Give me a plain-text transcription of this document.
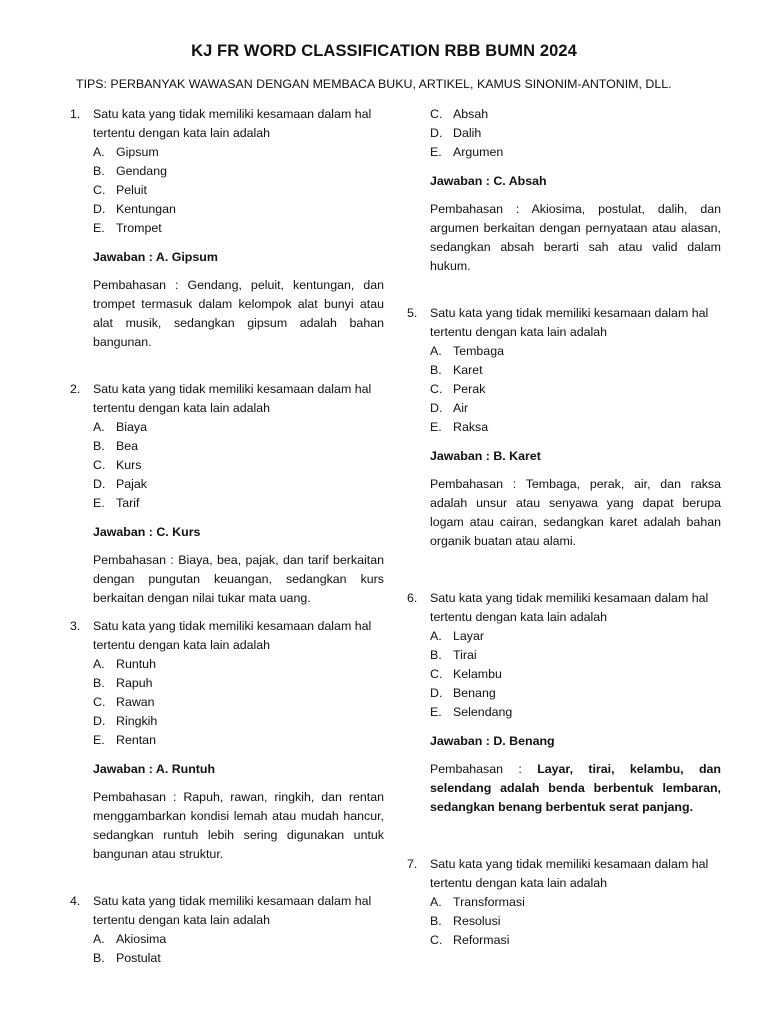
KJ FR WORD CLASSIFICATION RBB BUMN 2024
TIPS: PERBANYAK WAWASAN DENGAN MEMBACA BUKU, ARTIKEL, KAMUS SINONIM-ANTONIM, DLL.
1. Satu kata yang tidak memiliki kesamaan dalam hal tertentu dengan kata lain adalah
A. Gipsum
B. Gendang
C. Peluit
D. Kentungan
E. Trompet
Jawaban : A. Gipsum
Pembahasan : Gendang, peluit, kentungan, dan trompet termasuk dalam kelompok alat bunyi atau alat musik, sedangkan gipsum adalah bahan bangunan.
2. Satu kata yang tidak memiliki kesamaan dalam hal tertentu dengan kata lain adalah
A. Biaya
B. Bea
C. Kurs
D. Pajak
E. Tarif
Jawaban : C. Kurs
Pembahasan : Biaya, bea, pajak, dan tarif berkaitan dengan pungutan keuangan, sedangkan kurs berkaitan dengan nilai tukar mata uang.
3. Satu kata yang tidak memiliki kesamaan dalam hal tertentu dengan kata lain adalah
A. Runtuh
B. Rapuh
C. Rawan
D. Ringkih
E. Rentan
Jawaban : A. Runtuh
Pembahasan : Rapuh, rawan, ringkih, dan rentan menggambarkan kondisi lemah atau mudah hancur, sedangkan runtuh lebih sering digunakan untuk bangunan atau struktur.
4. Satu kata yang tidak memiliki kesamaan dalam hal tertentu dengan kata lain adalah
A. Akiosima
B. Postulat
C. Absah
D. Dalih
E. Argumen
Jawaban : C. Absah
Pembahasan : Akiosima, postulat, dalih, dan argumen berkaitan dengan pernyataan atau alasan, sedangkan absah berarti sah atau valid dalam hukum.
5. Satu kata yang tidak memiliki kesamaan dalam hal tertentu dengan kata lain adalah
A. Tembaga
B. Karet
C. Perak
D. Air
E. Raksa
Jawaban : B. Karet
Pembahasan : Tembaga, perak, air, dan raksa adalah unsur atau senyawa yang dapat berupa logam atau cairan, sedangkan karet adalah bahan organik buatan atau alami.
6. Satu kata yang tidak memiliki kesamaan dalam hal tertentu dengan kata lain adalah
A. Layar
B. Tirai
C. Kelambu
D. Benang
E. Selendang
Jawaban : D. Benang
Pembahasan : Layar, tirai, kelambu, dan selendang adalah benda berbentuk lembaran, sedangkan benang berbentuk serat panjang.
7. Satu kata yang tidak memiliki kesamaan dalam hal tertentu dengan kata lain adalah
A. Transformasi
B. Resolusi
C. Reformasi
